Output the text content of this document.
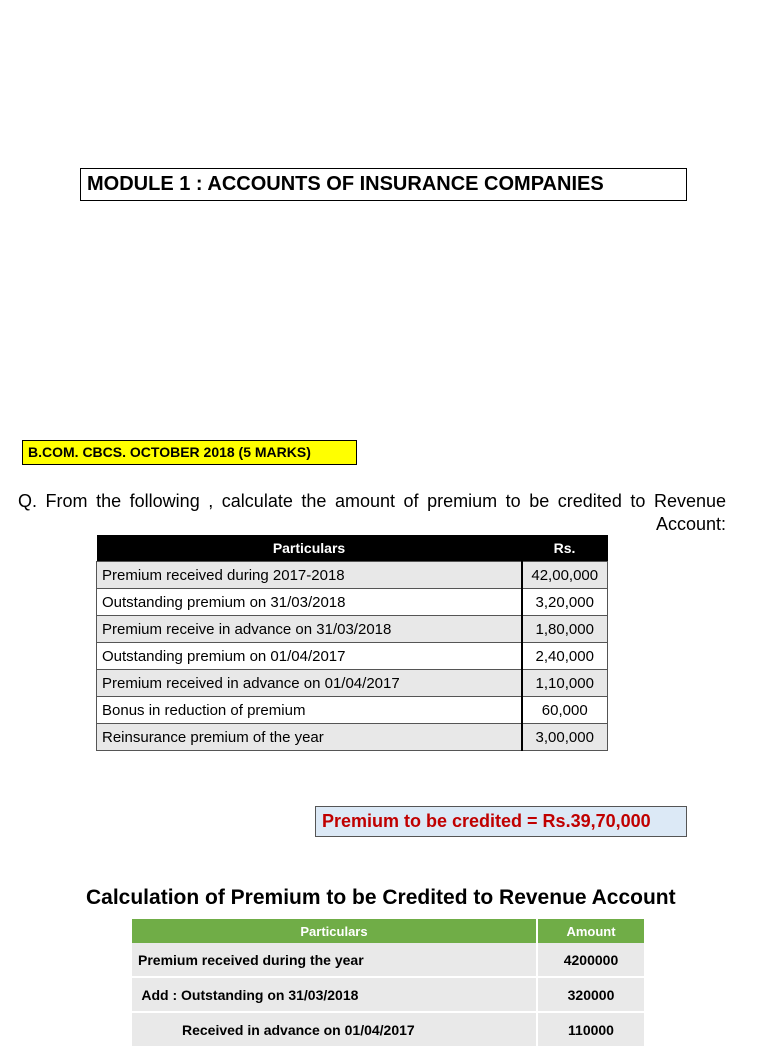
MODULE 1 : ACCOUNTS OF INSURANCE COMPANIES
B.COM. CBCS. OCTOBER 2018 (5 MARKS)
Q. From the following , calculate the amount of premium to be credited to Revenue Account:
Particulars	Rs.
Premium received during 2017-2018	42,00,000
Outstanding premium on 31/03/2018	3,20,000
Premium receive in advance on 31/03/2018	1,80,000
Outstanding premium on 01/04/2017	2,40,000
Premium received in advance on 01/04/2017	1,10,000
Bonus in reduction of premium	60,000
Reinsurance premium of the year	3,00,000
Premium to be credited = Rs.39,70,000
Calculation of Premium to be Credited to Revenue Account
Particulars	Amount
Premium received during the year	4200000
Add : Outstanding on 31/03/2018	320000
Received in advance on 01/04/2017	110000
